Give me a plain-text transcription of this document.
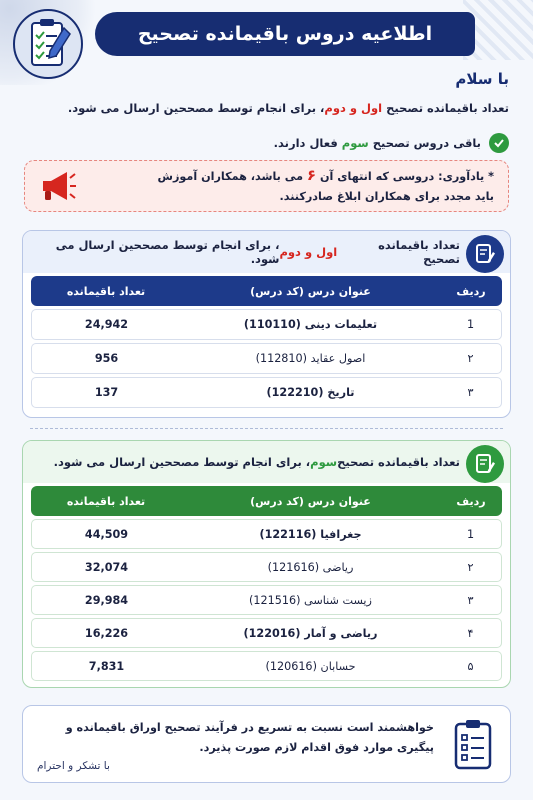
اطلاعیه دروس باقیمانده تصحیح
با سلام
تعداد باقیمانده تصحیح اول و دوم، برای انجام توسط مصححین ارسال می شود.
باقی دروس تصحیح سوم فعال دارند.
* یادآوری: دروسی که انتهای آن ۶ می باشد، همکاران آموزش
باید مجدد برای همکاران ابلاغ صادرکنند.
تعداد باقیمانده تصحیح
اول و دوم
، برای انجام توسط مصححین ارسال می شود.
ردیف	عنوان درس (کد درس)	تعداد باقیمانده
1	تعلیمات دینی (110110)	24,942
۲	اصول عقاید (112810)	956
۳	تاریخ (122210)	137
تعداد باقیمانده تصحیح
سوم
، برای انجام توسط مصححین ارسال می شود.
ردیف	عنوان درس (کد درس)	تعداد باقیمانده
1	جغرافیا (122116)	44,509
۲	ریاضی (121616)	32,074
۳	زیست شناسی (121516)	29,984
۴	ریاضی و آمار (122016)	16,226
۵	حسابان (120616)	7,831
خواهشمند است نسبت به تسریع در فرآیند تصحیح اوراق باقیمانده و
پیگیری موارد فوق اقدام لازم صورت پذیرد.
با تشکر و احترام
